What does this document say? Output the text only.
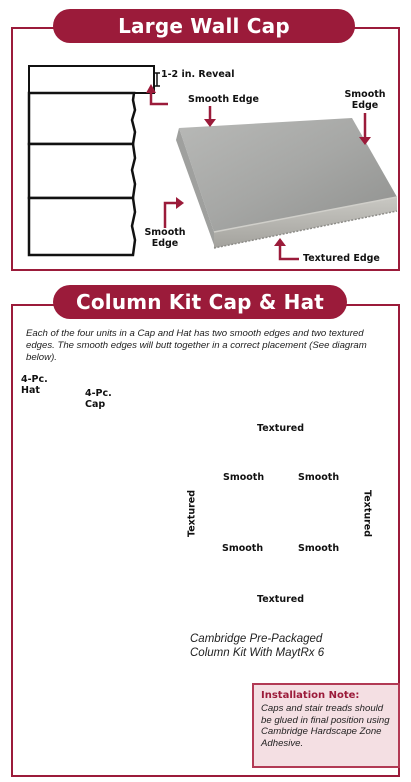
Large Wall Cap
1-2 in. Reveal
Smooth Edge	Smooth
Edge
Smooth
Edge
Textured Edge
Column Kit Cap & Hat
Each of the four units in a Cap and Hat has two smooth edges and two textured edges. The smooth edges will butt together in a correct placement (See diagram below).
4-Pc.
Hat	4-Pc.
Cap
Textured
Textured
Textured	Textured
Smooth	Smooth
Smooth	Smooth
Cambridge Pre-Packaged
Column Kit With MaytRx 6
Installation Note:
Caps and stair treads should be glued in final position using Cambridge Hardscape Zone Adhesive.
